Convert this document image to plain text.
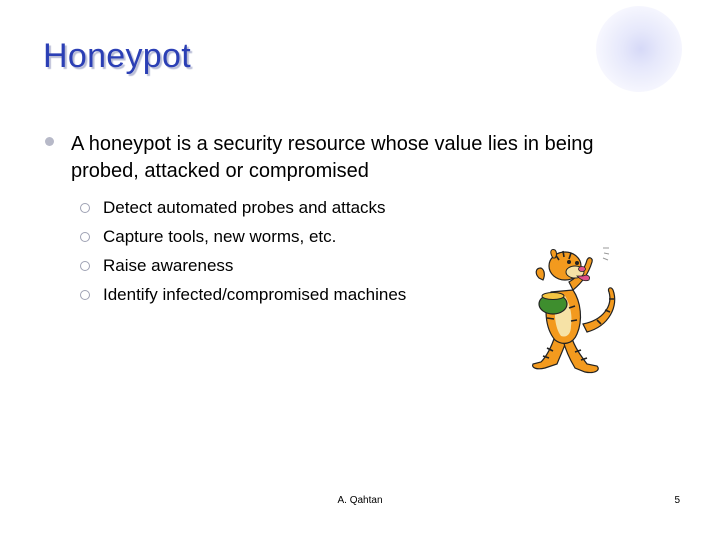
Honeypot
A honeypot is a security resource whose value lies in being probed, attacked or compromised
Detect automated probes and attacks
Capture tools, new worms, etc.
Raise awareness
Identify infected/compromised machines
A. Qahtan	5
